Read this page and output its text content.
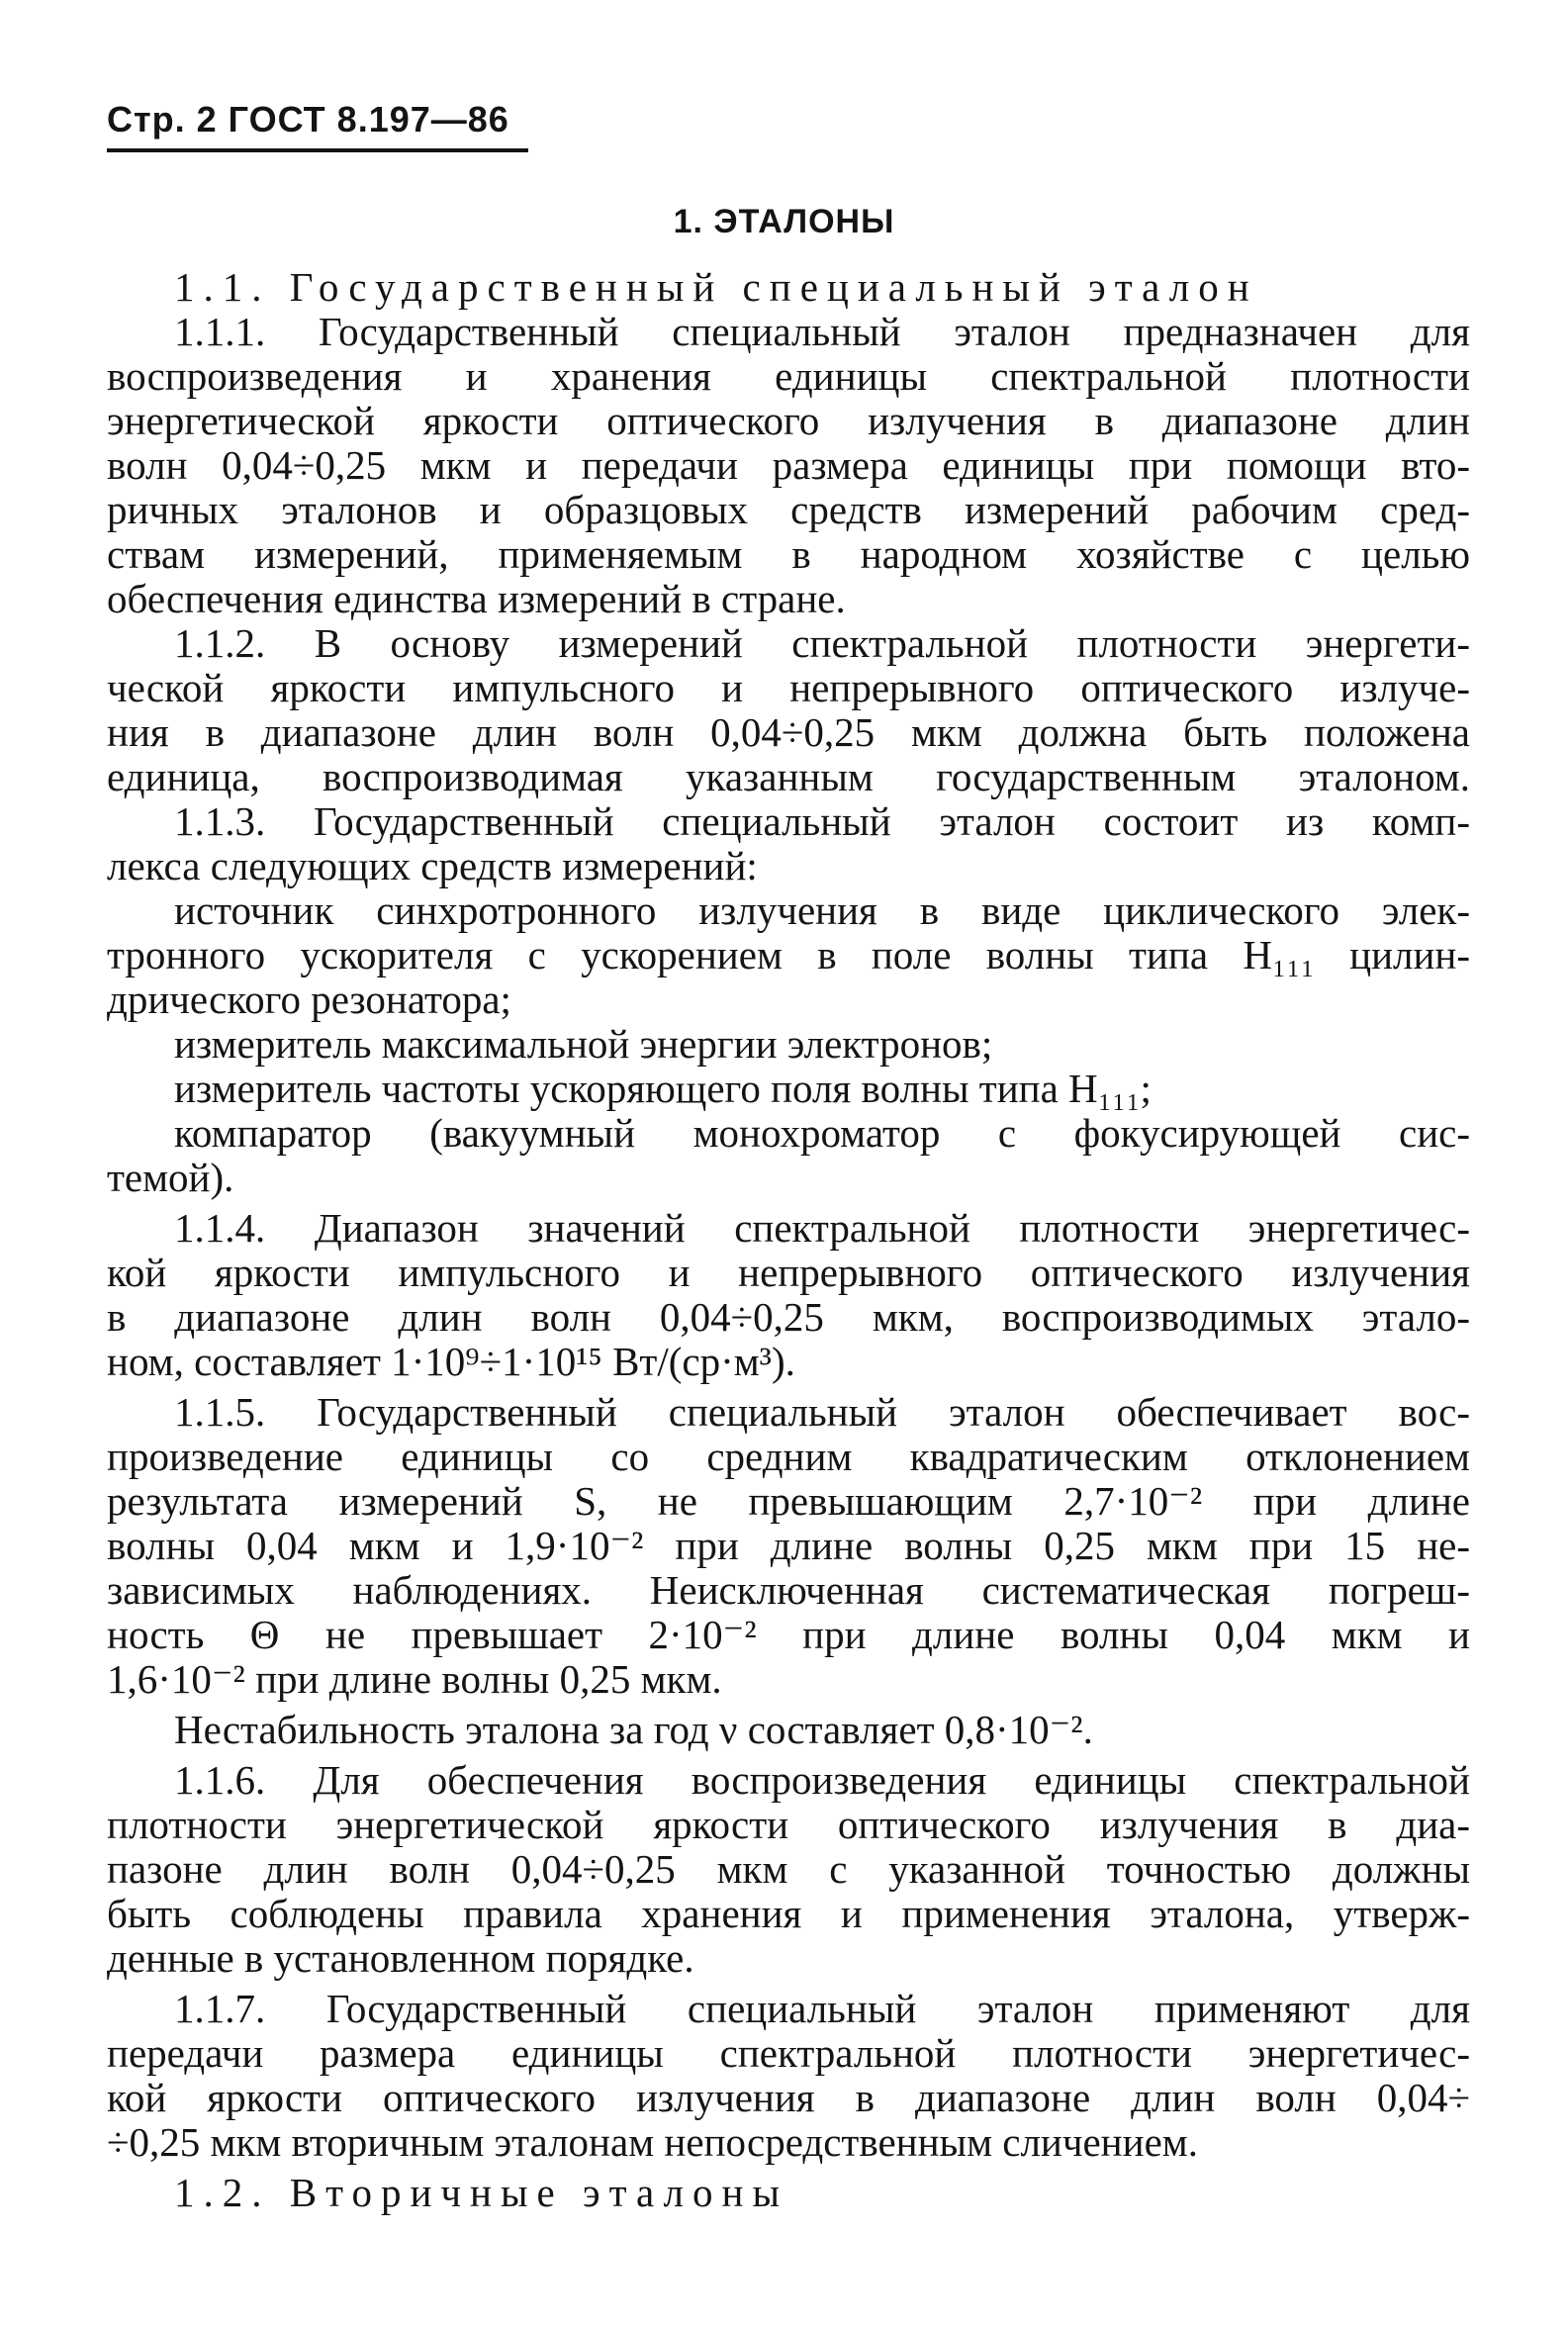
Стр. 2 ГОСТ 8.197—86
1. ЭТАЛОНЫ

1.1. Государственный специальный эталон

1.1.1. Государственный специальный эталон предназначен для

воспроизведения и хранения единицы спектральной плотности

энергетической яркости оптического излучения в диапазоне длин

волн 0,04÷0,25 мкм и передачи размера единицы при помощи вто-

ричных эталонов и образцовых средств измерений рабочим сред-

ствам измерений, применяемым в народном хозяйстве с целью

обеспечения единства измерений в стране.

1.1.2. В основу измерений спектральной плотности энергети-

ческой яркости импульсного и непрерывного оптического излуче-

ния в диапазоне длин волн 0,04÷0,25 мкм должна быть положена

единица, воспроизводимая указанным государственным эталоном.

1.1.3. Государственный специальный эталон состоит из комп-

лекса следующих средств измерений:

источник синхротронного излучения в виде циклического элек-

тронного ускорителя с ускорением в поле волны типа H₁₁₁ цилин-

дрического резонатора;

измеритель максимальной энергии электронов;

измеритель частоты ускоряющего поля волны типа H₁₁₁;

компаратор (вакуумный монохроматор с фокусирующей сис-

темой).

1.1.4. Диапазон значений спектральной плотности энергетичес-

кой яркости импульсного и непрерывного оптического излучения

в диапазоне длин волн 0,04÷0,25 мкм, воспроизводимых этало-

ном, составляет 1·10⁹÷1·10¹⁵ Вт/(ср·м³).

1.1.5. Государственный специальный эталон обеспечивает вос-

произведение единицы со средним квадратическим отклонением

результата измерений S, не превышающим 2,7·10⁻² при длине

волны 0,04 мкм и 1,9·10⁻² при длине волны 0,25 мкм при 15 не-

зависимых наблюдениях. Неисключенная систематическая погреш-

ность Θ не превышает 2·10⁻² при длине волны 0,04 мкм и

1,6·10⁻² при длине волны 0,25 мкм.

Нестабильность эталона за год ν составляет 0,8·10⁻².

1.1.6. Для обеспечения воспроизведения единицы спектральной

плотности энергетической яркости оптического излучения в диа-

пазоне длин волн 0,04÷0,25 мкм с указанной точностью должны

быть соблюдены правила хранения и применения эталона, утверж-

денные в установленном порядке.

1.1.7. Государственный специальный эталон применяют для

передачи размера единицы спектральной плотности энергетичес-

кой яркости оптического излучения в диапазоне длин волн 0,04÷

÷0,25 мкм вторичным эталонам непосредственным сличением.

1.2. Вторичные эталоны
